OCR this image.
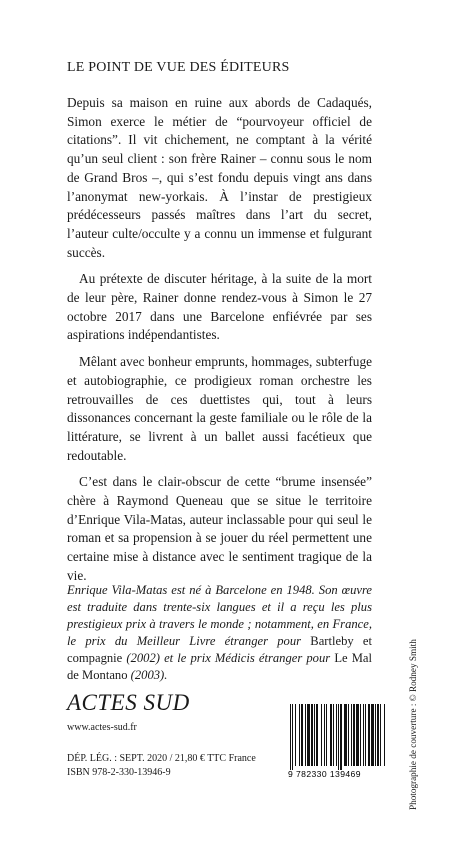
LE POINT DE VUE DES ÉDITEURS

Depuis sa maison en ruine aux abords de Cadaqués, Simon exerce le métier de “pourvoyeur officiel de citations”. Il vit chichement, ne comptant à la vérité qu’un seul client : son frère Rainer – connu sous le nom de Grand Bros –, qui s’est fondu depuis vingt ans dans l’anonymat new-yorkais. À l’instar de prestigieux prédécesseurs passés maîtres dans l’art du secret, l’auteur culte/occulte y a connu un immense et fulgurant succès.

Au prétexte de discuter héritage, à la suite de la mort de leur père, Rainer donne rendez-vous à Simon le 27 octobre 2017 dans une Barcelone enfiévrée par ses aspirations indépendantistes.

Mêlant avec bonheur emprunts, hommages, subterfuge et autobiographie, ce prodigieux roman orchestre les retrouvailles de ces duettistes qui, tout à leurs dissonances concernant la geste familiale ou le rôle de la littérature, se livrent à un ballet aussi facétieux que redoutable.

C’est dans le clair-obscur de cette “brume insensée” chère à Raymond Queneau que se situe le territoire d’Enrique Vila-Matas, auteur inclassable pour qui seul le roman et sa propension à se jouer du réel permettent une certaine mise à distance avec le sentiment tragique de la vie.

Enrique Vila-Matas est né à Barcelone en 1948. Son œuvre est traduite dans trente-six langues et il a reçu les plus prestigieux prix à travers le monde ; notamment, en France, le prix du Meilleur Livre étranger pour Bartleby et compagnie (2002) et le prix Médicis étranger pour Le Mal de Montano (2003).
ACTES SUD
www.actes-sud.fr
DÉP. LÉG. : SEPT. 2020 / 21,80 € TTC France
ISBN 978-2-330-13946-9	9 782330 139469	Photographie de couverture : © Rodney Smith
